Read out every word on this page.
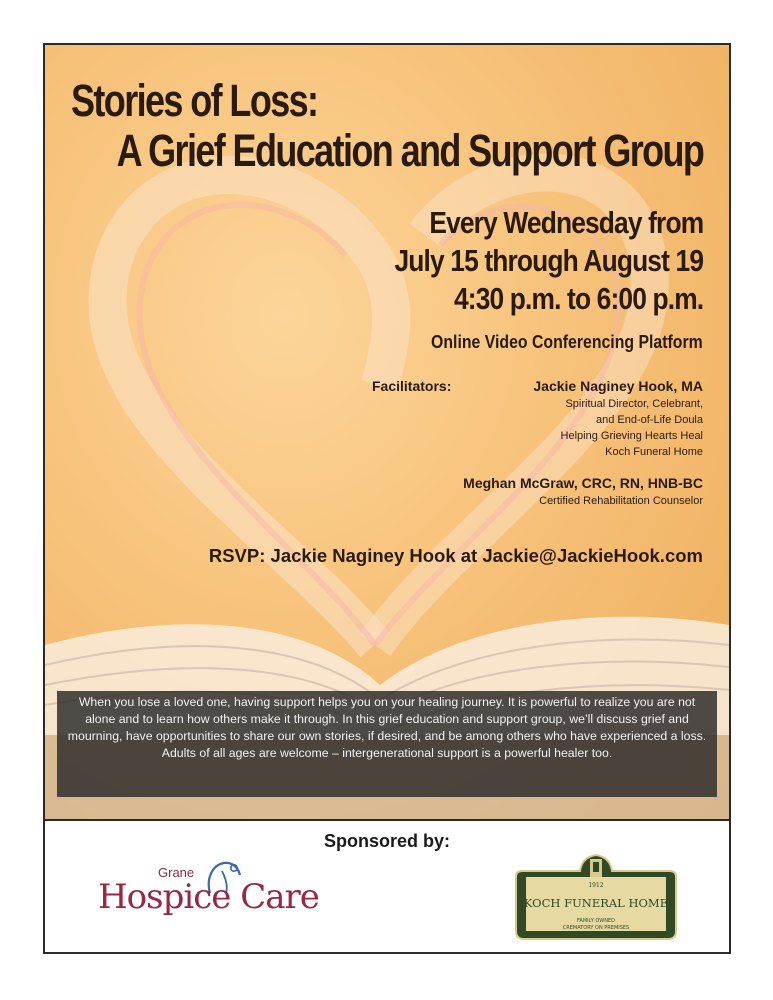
Stories of Loss:
A Grief Education and Support Group
Every Wednesday from
July 15 through August 19
4:30 p.m. to 6:00 p.m.
Online Video Conferencing Platform
Facilitators:	Jackie Naginey Hook, MA
Spiritual Director, Celebrant,
and End-of-Life Doula
Helping Grieving Hearts Heal
Koch Funeral Home
Meghan McGraw, CRC, RN, HNB-BC
Certified Rehabilitation Counselor
RSVP: Jackie Naginey Hook at Jackie@JackieHook.com
When you lose a loved one, having support helps you on your healing journey. It is powerful to realize you are not alone and to learn how others make it through. In this grief education and support group, we’ll discuss grief and mourning, have opportunities to share our own stories, if desired, and be among others who have experienced a loss. Adults of all ages are welcome – intergenerational support is a powerful healer too.
Sponsored by:
Grane
Hospice Care	1912
KOCH FUNERAL HOME
FAMILY OWNED
CREMATORY ON PREMISES
